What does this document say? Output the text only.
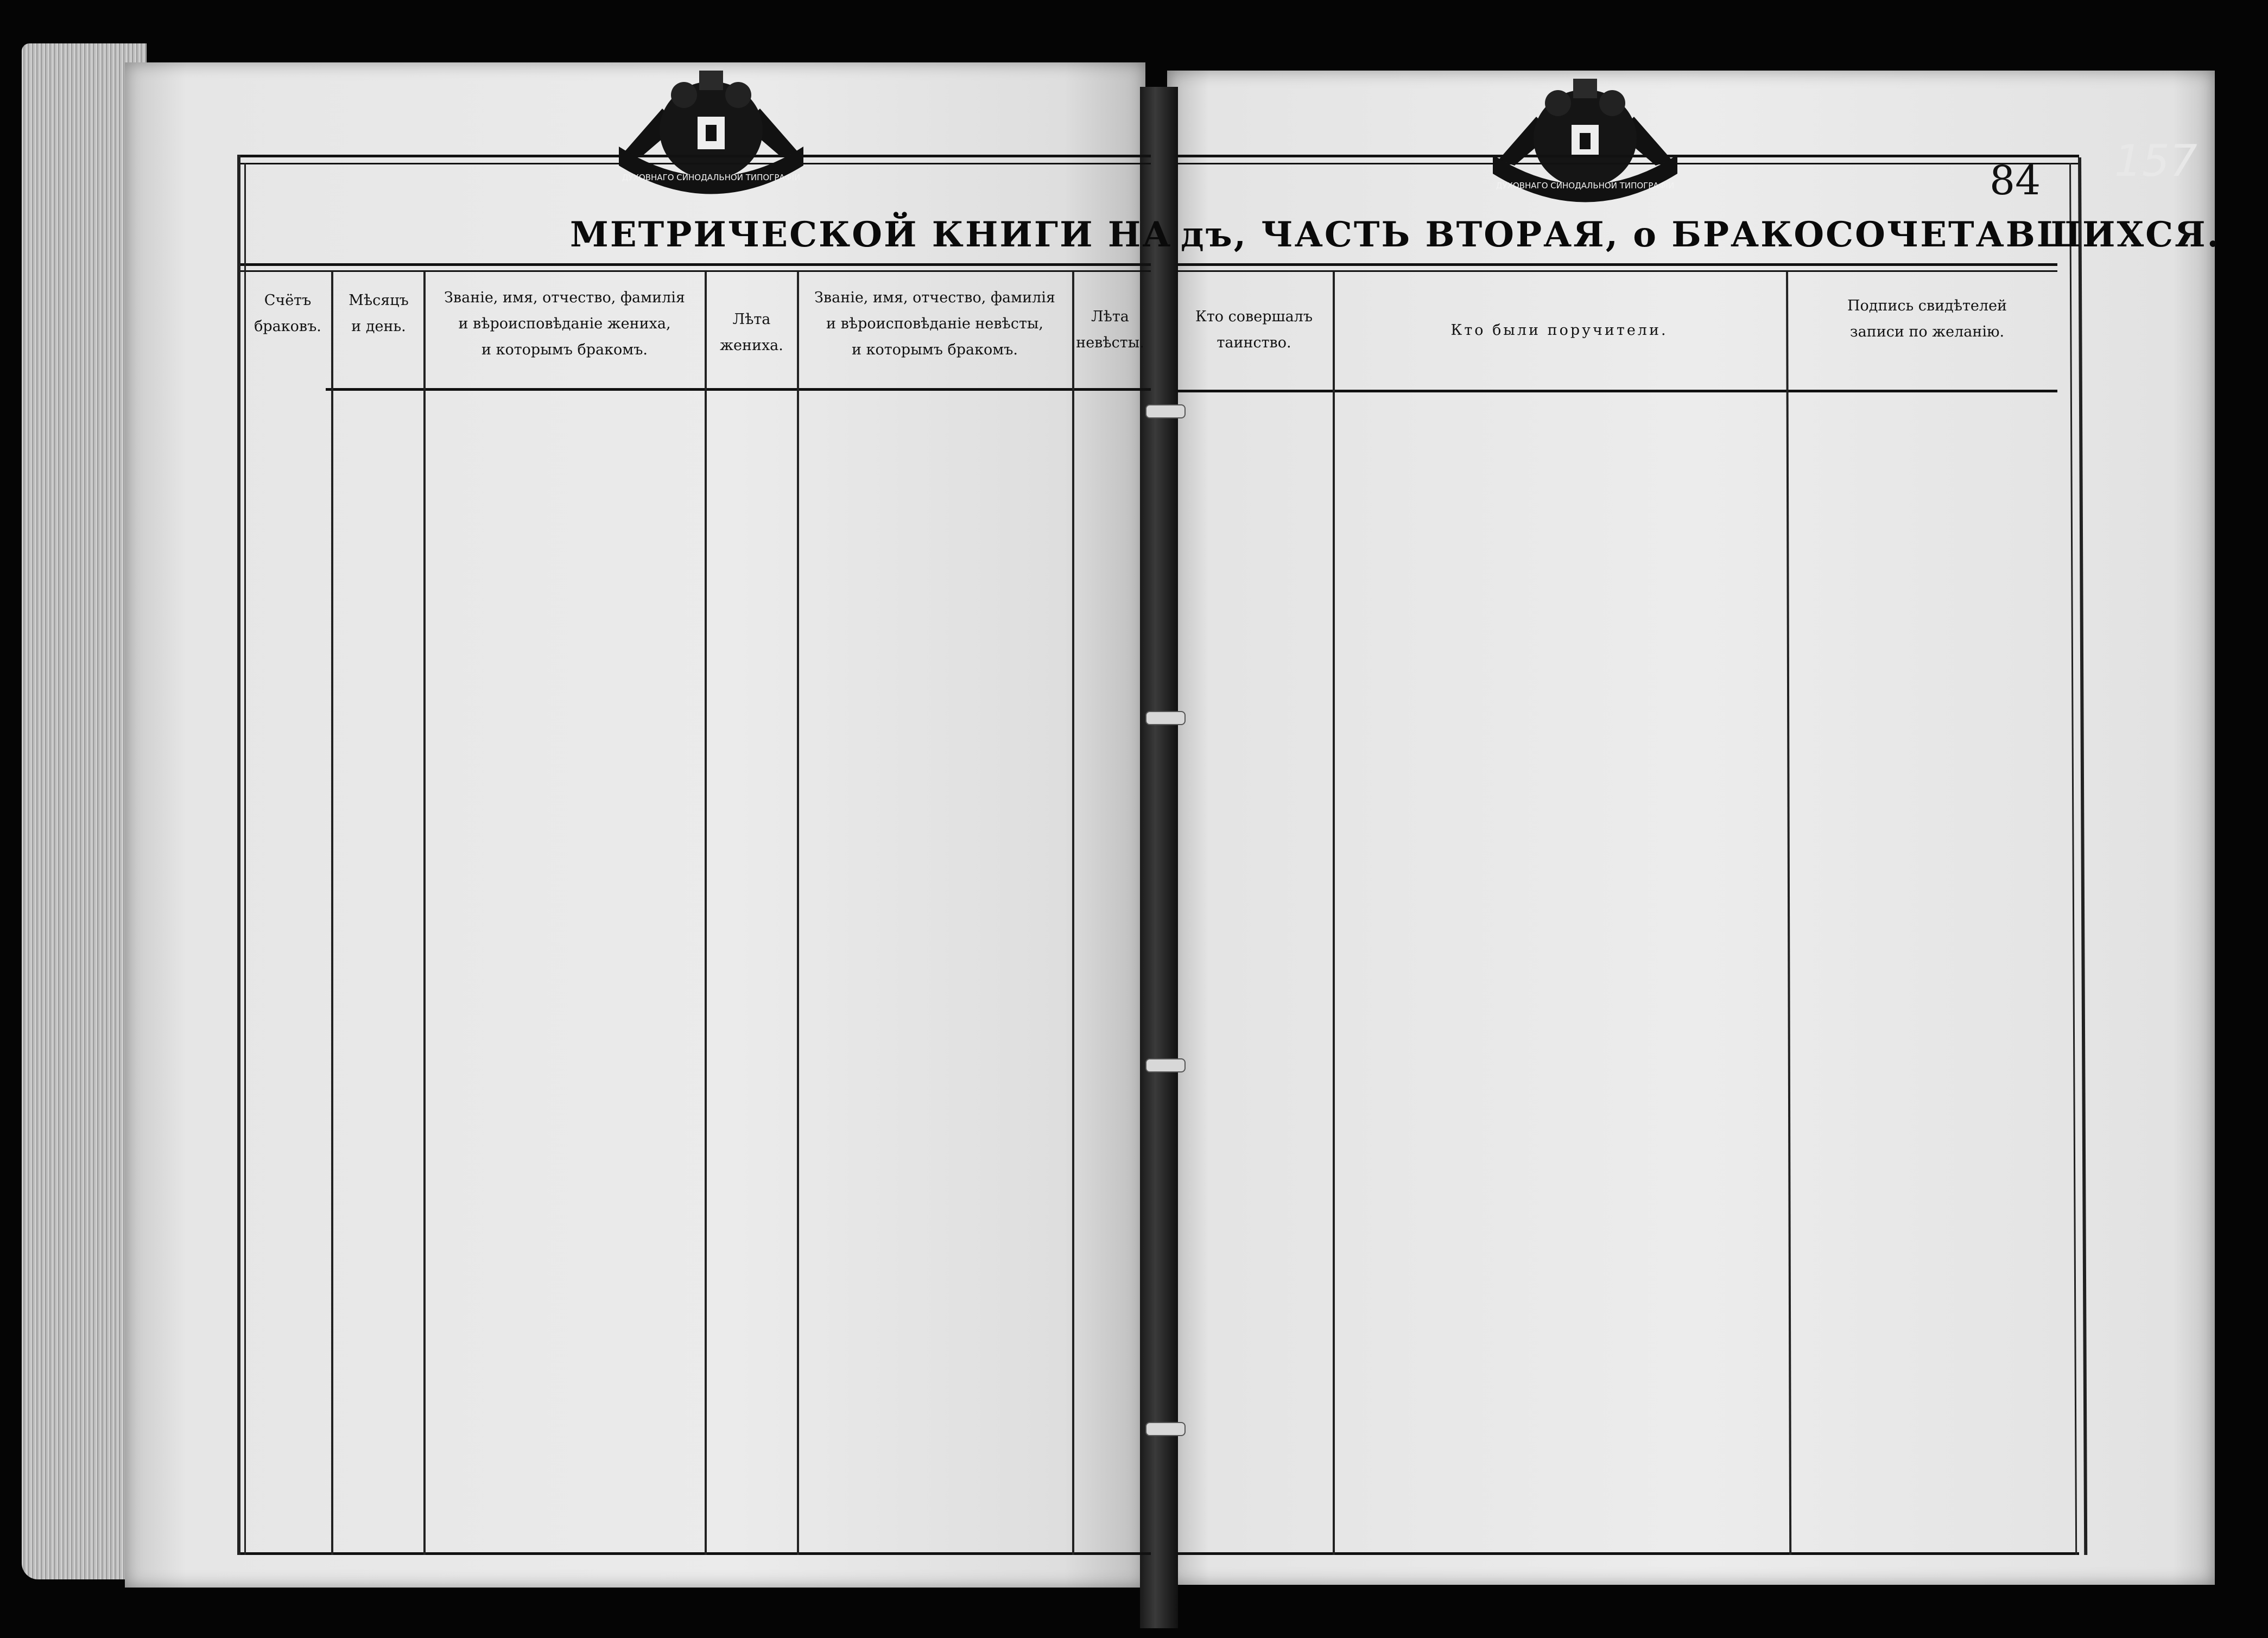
ДУХОВНАГО СИНОДАЛЬНОЙ ТИПОГРАФІИ
МЕТРИЧЕСКОЙ КНИГИ НА
Счётъ
браковъ.
Мѣсяцъ
и день.
Званіе, имя, отчество, фамилія
и вѣроисповѣданіе жениха,
и которымъ бракомъ.
Лѣта
жениха.
Званіе, имя, отчество, фамилія
и вѣроисповѣданіе невѣсты,
и которымъ бракомъ.
Лѣта
невѣсты.
ДУХОВНАГО СИНОДАЛЬНОЙ ТИПОГРАФІИ
дъ, ЧАСТЬ ВТОРАЯ, о БРАКОСОЧЕТАВШИХСЯ.
84 157
Кто совершалъ
таинство.
Кто были поручители.
Подпись свидѣтелей
записи по желанію.
